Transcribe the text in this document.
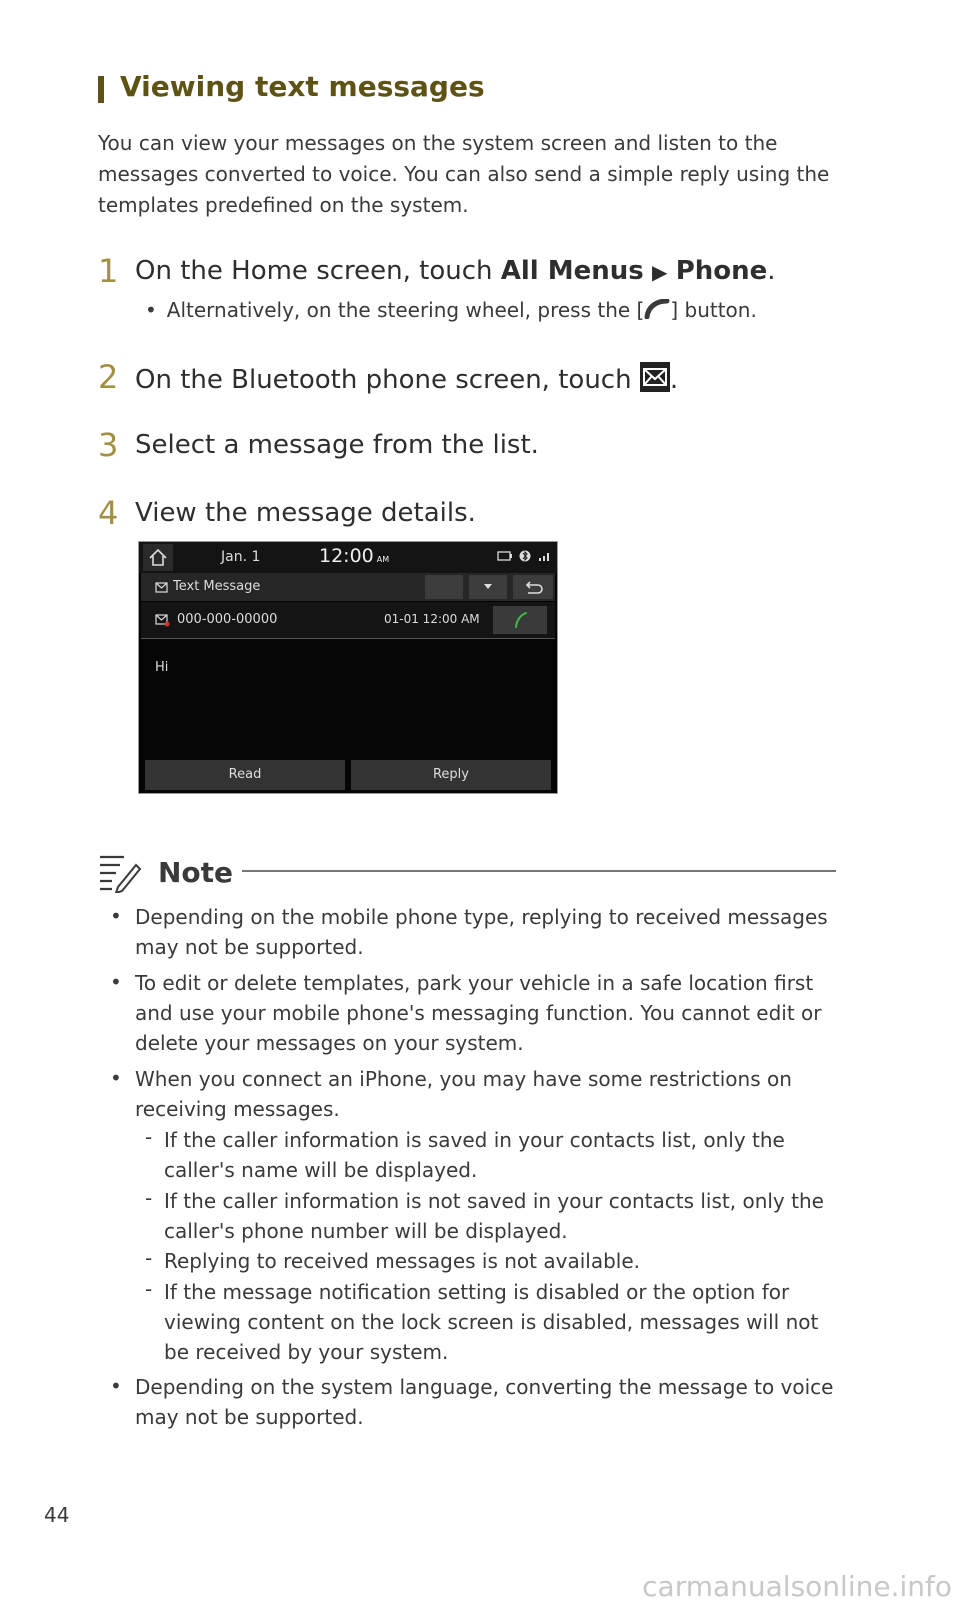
Viewing text messages
You can view your messages on the system screen and listen to the messages converted to voice. You can also send a simple reply using the templates predefined on the system.
1 On the Home screen, touch All Menus ▶ Phone.
• Alternatively, on the steering wheel, press the [ ] button.
2 On the Bluetooth phone screen, touch .
3 Select a message from the list.
4 View the message details.
Jan. 1	12:00 AM
Text Message
000-000-00000	01-01 12:00 AM
Hi
Read	Reply
Note
• Depending on the mobile phone type, replying to received messages may not be supported.
• To edit or delete templates, park your vehicle in a safe location first and use your mobile phone's messaging function. You cannot edit or delete your messages on your system.
• When you connect an iPhone, you may have some restrictions on receiving messages.
- If the caller information is saved in your contacts list, only the caller's name will be displayed.
- If the caller information is not saved in your contacts list, only the caller's phone number will be displayed.
- Replying to received messages is not available.
- If the message notification setting is disabled or the option for viewing content on the lock screen is disabled, messages will not be received by your system.
• Depending on the system language, converting the message to voice may not be supported.
44
carmanualsonline.info
